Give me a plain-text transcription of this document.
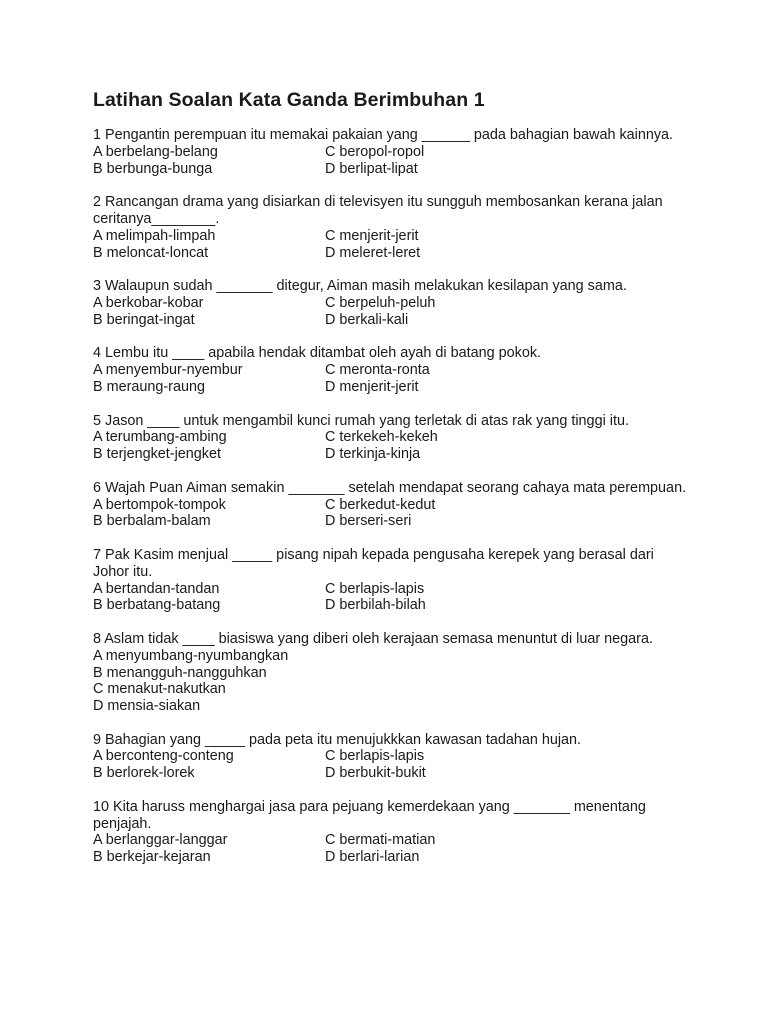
Latihan Soalan Kata Ganda Berimbuhan 1

1 Pengantin perempuan itu memakai pakaian yang ______ pada bahagian bawah kainnya.

A berbelang-belang	C beropol-ropol

B berbunga-bunga	D berlipat-lipat

2 Rancangan drama yang disiarkan di televisyen itu sungguh membosankan kerana jalan ceritanya________.

A melimpah-limpah	C menjerit-jerit

B meloncat-loncat	D meleret-leret

3 Walaupun sudah _______ ditegur, Aiman masih melakukan kesilapan yang sama.

A berkobar-kobar	C berpeluh-peluh

B beringat-ingat	D berkali-kali

4 Lembu itu ____ apabila hendak ditambat oleh ayah di batang pokok.

A menyembur-nyembur	C meronta-ronta

B meraung-raung	D menjerit-jerit

5 Jason ____ untuk mengambil kunci rumah yang terletak di atas rak yang tinggi itu.

A terumbang-ambing	C terkekeh-kekeh

B terjengket-jengket	D terkinja-kinja

6 Wajah Puan Aiman semakin _______ setelah mendapat seorang cahaya mata perempuan.

A bertompok-tompok	C berkedut-kedut

B berbalam-balam	D berseri-seri

7 Pak Kasim menjual _____ pisang nipah kepada pengusaha kerepek yang berasal dari Johor itu.

A bertandan-tandan	C berlapis-lapis

B berbatang-batang	D berbilah-bilah

8 Aslam tidak ____ biasiswa yang diberi oleh kerajaan semasa menuntut di luar negara.

A menyumbang-nyumbangkan

B menangguh-nangguhkan

C menakut-nakutkan

D mensia-siakan

9 Bahagian yang _____ pada peta itu menujukkkan kawasan tadahan hujan.

A berconteng-conteng	C berlapis-lapis

B berlorek-lorek	D berbukit-bukit

10 Kita haruss menghargai jasa para pejuang kemerdekaan yang _______ menentang penjajah.

A berlanggar-langgar	C bermati-matian

B berkejar-kejaran	D berlari-larian
